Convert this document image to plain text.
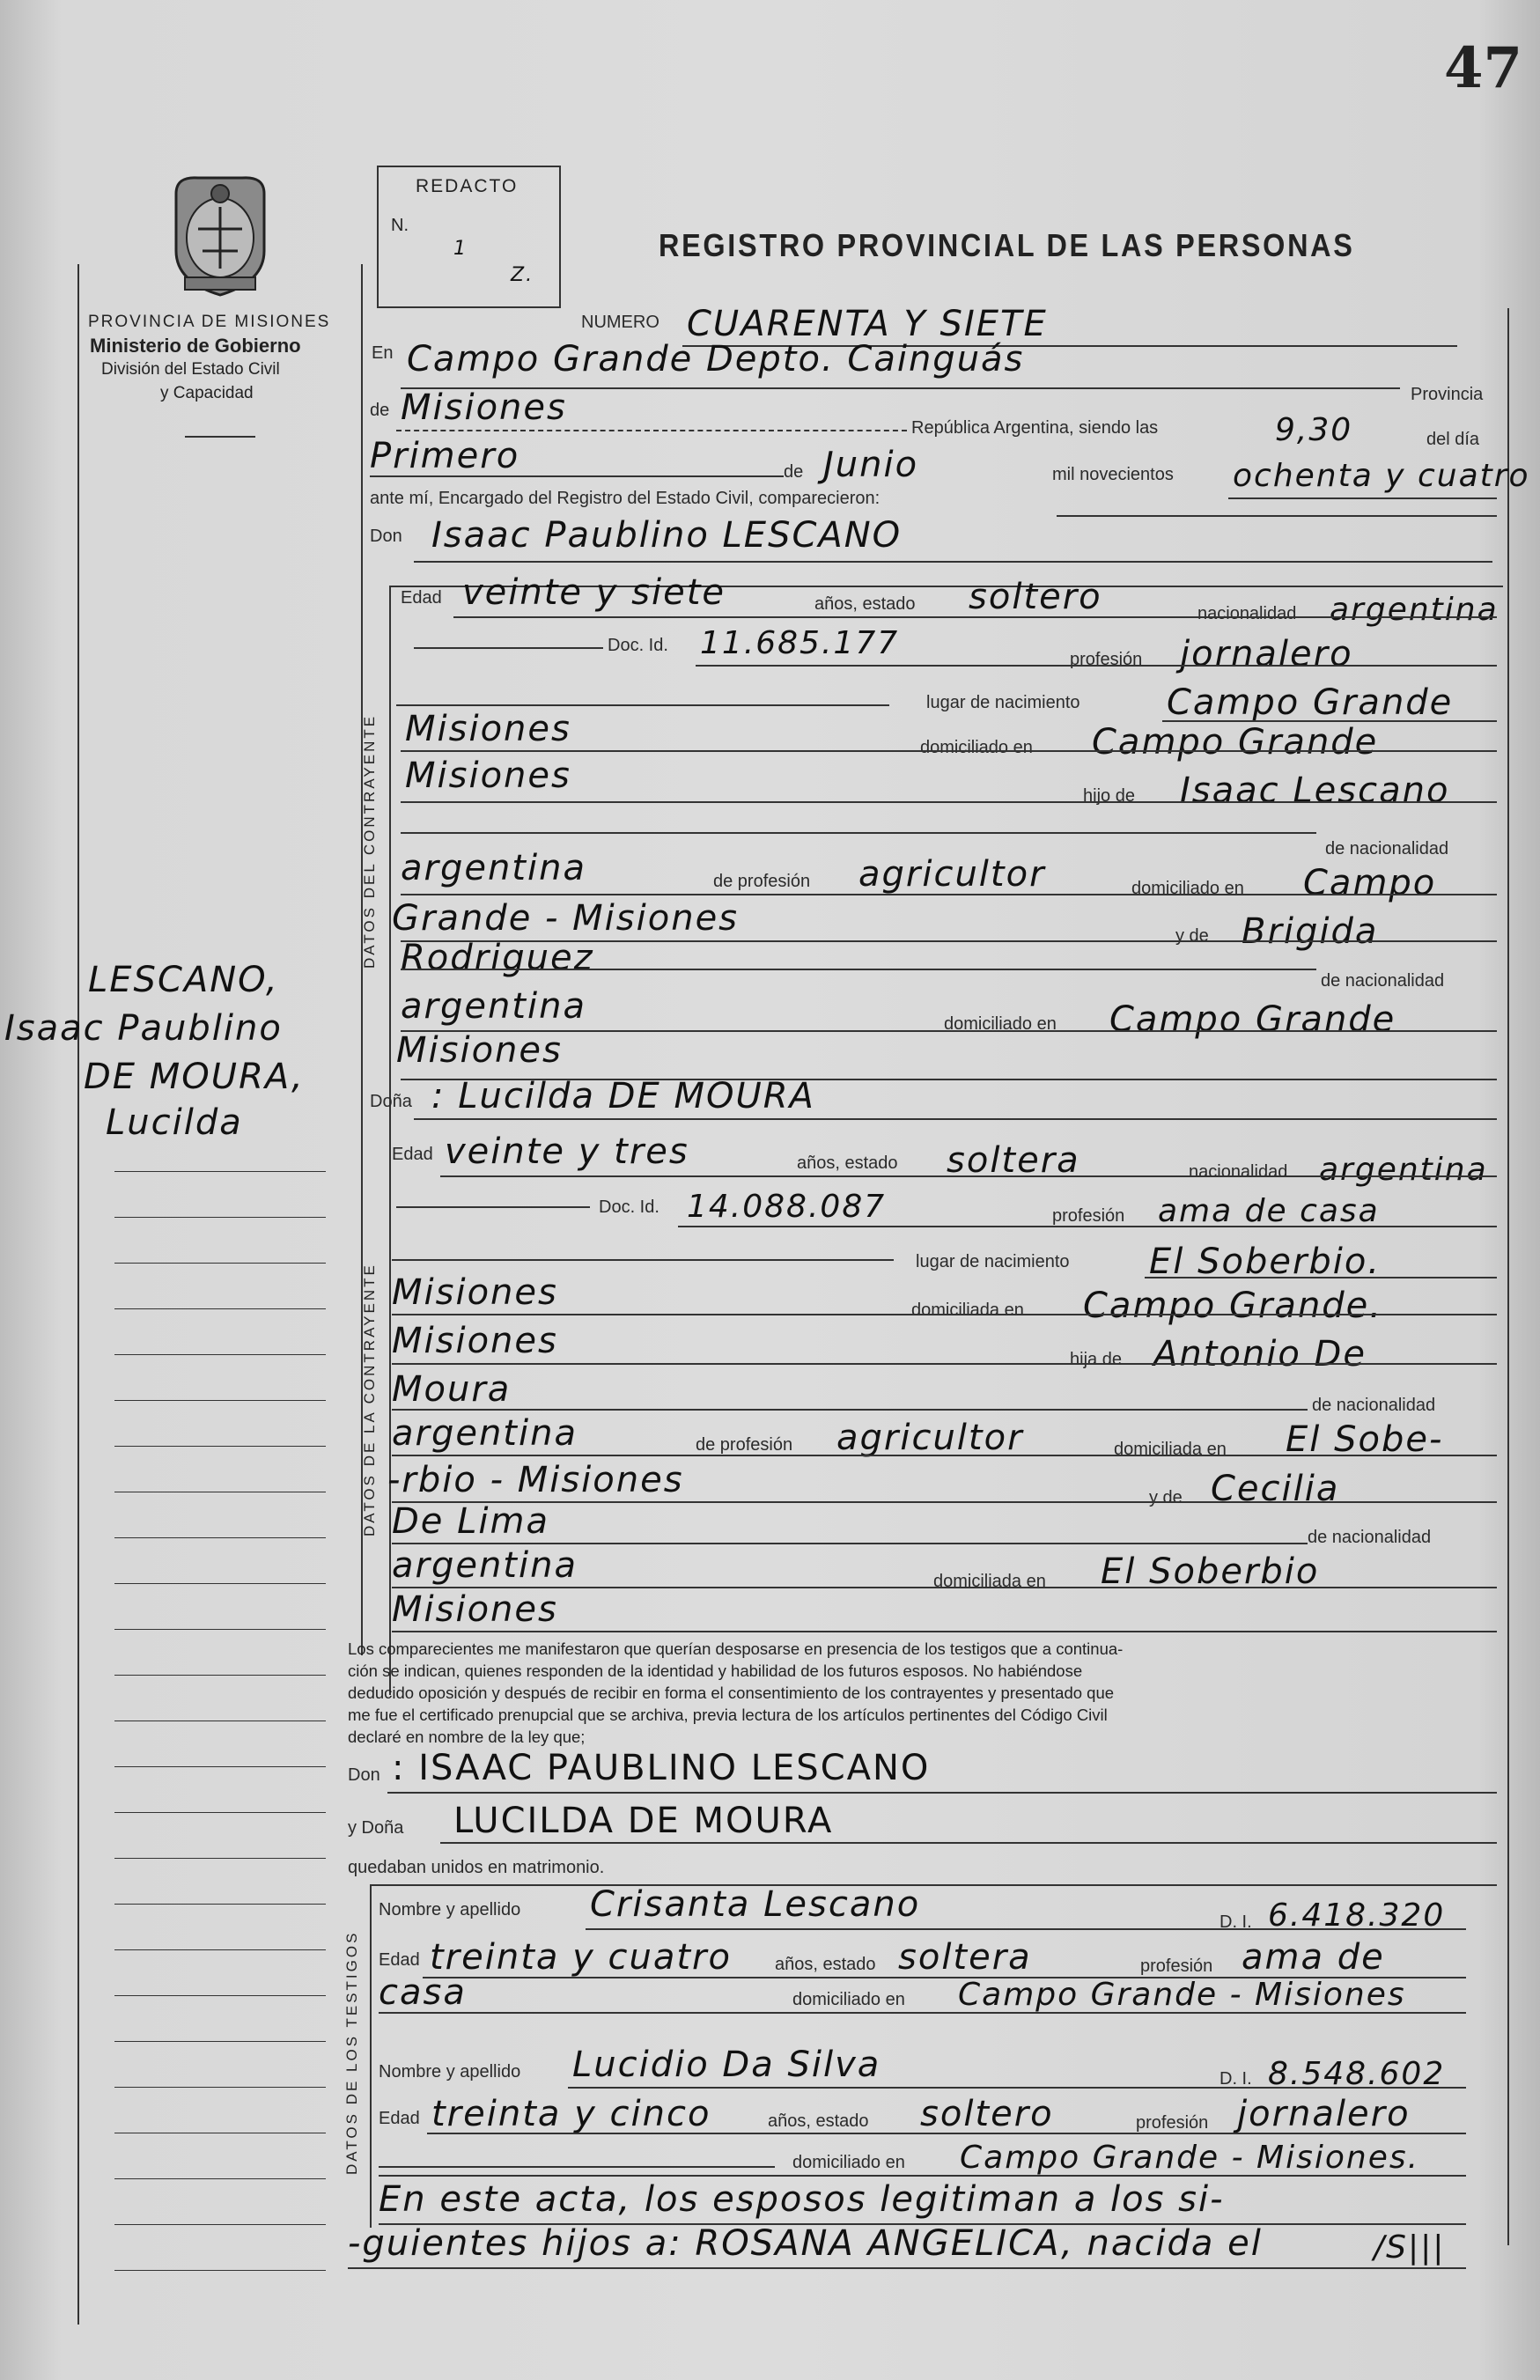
47
PROVINCIA DE MISIONES
Ministerio de Gobierno
División del Estado Civil
y Capacidad
REDACTO
N.
1
Z.
REGISTRO PROVINCIAL DE LAS PERSONAS
NUMERO CUARENTA Y SIETE
En Campo Grande Depto. Cainguás
Provincia
de Misiones	República Argentina, siendo las	9,30	del día
Primero	de Junio	mil novecientos ochenta y cuatro
ante mí, Encargado del Registro del Estado Civil, comparecieron:
Don Isaac Paublino LESCANO
DATOS DEL CONTRAYENTE
Edad veinte y siete	años, estado soltero	nacionalidad argentina
Doc. Id. 11.685.177	profesión jornalero
lugar de nacimiento Campo Grande
Misiones	domiciliado en Campo Grande
Misiones	hijo de Isaac Lescano
de nacionalidad
argentina	de profesión agricultor	domiciliado en Campo
Grande - Misiones	y de Brigida
Rodriguez
de nacionalidad
argentina	domiciliado en Campo Grande
Misiones
Doña : Lucilda DE MOURA
LESCANO,
Isaac Paublino
DE MOURA,
Lucilda
DATOS DE LA CONTRAYENTE
Edad veinte y tres	años, estado soltera	nacionalidad argentina
Doc. Id. 14.088.087	profesión ama de casa
lugar de nacimiento El Soberbio.
Misiones	domiciliada en Campo Grande.
Misiones	hija de Antonio De
Moura	de nacionalidad
argentina	de profesión agricultor	domiciliada en El Sobe-
-rbio - Misiones	y de Cecilia
De Lima	de nacionalidad
argentina	domiciliada en El Soberbio
Misiones
Los comparecientes me manifestaron que querían desposarse en presencia de los testigos que a continua-
ción se indican, quienes responden de la identidad y habilidad de los futuros esposos. No habiéndose
deducido oposición y después de recibir en forma el consentimiento de los contrayentes y presentado que
me fue el certificado prenupcial que se archiva, previa lectura de los artículos pertinentes del Código Civil
declaré en nombre de la ley que;
Don : ISAAC PAUBLINO LESCANO
y Doña LUCILDA DE MOURA
quedaban unidos en matrimonio.
DATOS DE LOS TESTIGOS
Nombre y apellido Crisanta Lescano	D. I. 6.418.320
Edad treinta y cuatro años, estado soltera	profesión ama de
casa	domiciliado en Campo Grande - Misiones
Nombre y apellido Lucidio Da Silva	D. I. 8.548.602
Edad treinta y cinco	años, estado soltero	profesión jornalero
domiciliado en Campo Grande - Misiones.
En este acta, los esposos legitiman a los si-
-guientes hijos a: ROSANA ANGELICA, nacida el	/S|||
